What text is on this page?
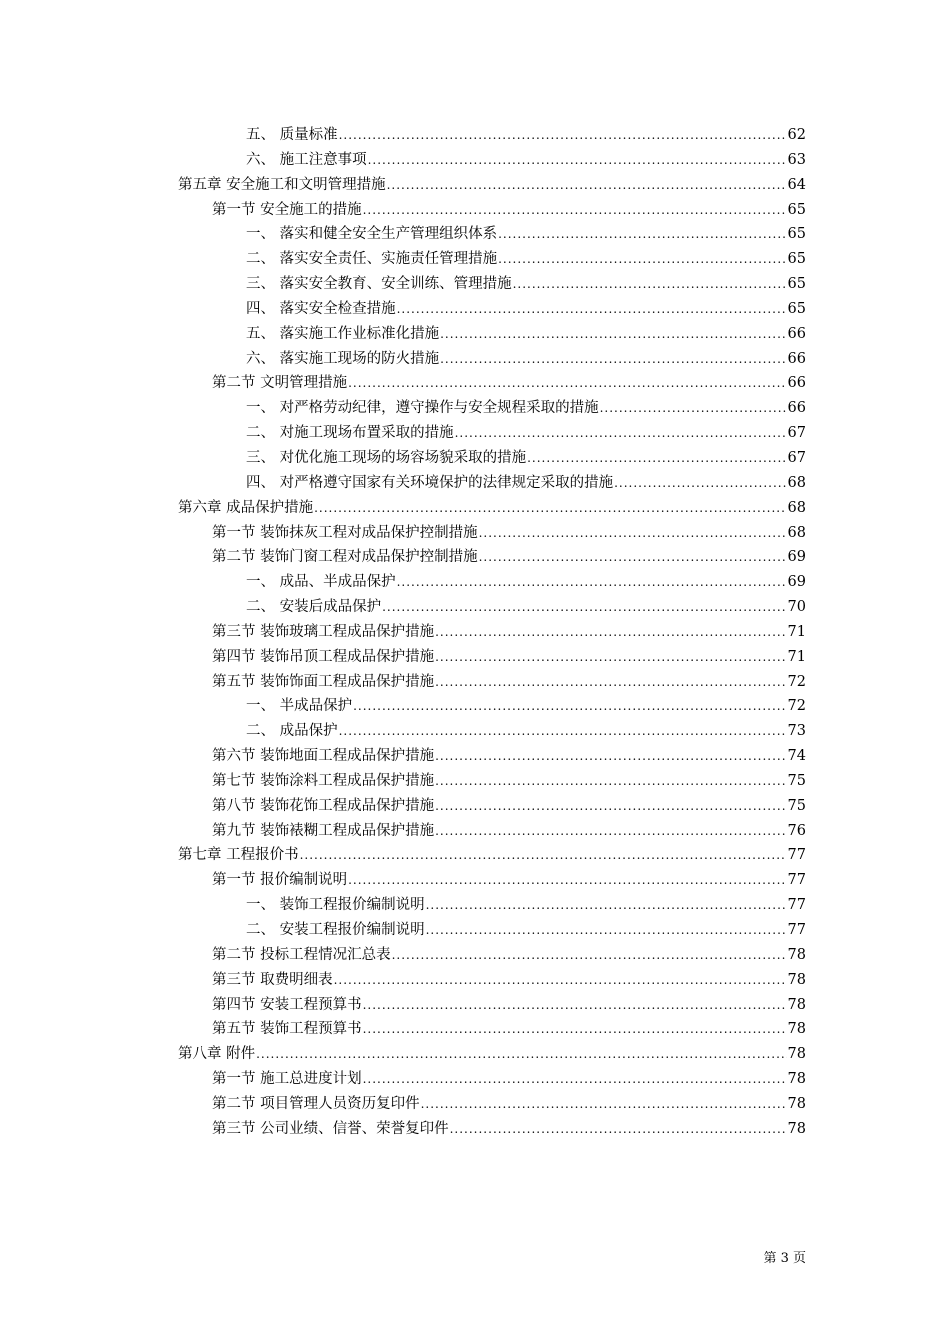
五、 质量标准 .....	62
六、 施工注意事项 .....	63
第五章 安全施工和文明管理措施 .....	64
第一节 安全施工的措施 .....	65
一、 落实和健全安全生产管理组织体系 .....	65
二、 落实安全责任、实施责任管理措施 .....	65
三、 落实安全教育、安全训练、管理措施 .....	65
四、 落实安全检查措施 .....	65
五、 落实施工作业标准化措施 .....	66
六、 落实施工现场的防火措施 .....	66
第二节 文明管理措施 .....	66
一、 对严格劳动纪律，遵守操作与安全规程采取的措施 .....	66
二、 对施工现场布置采取的措施 .....	67
三、 对优化施工现场的场容场貌采取的措施 .....	67
四、 对严格遵守国家有关环境保护的法律规定采取的措施 .....	68
第六章 成品保护措施 .....	68
第一节 装饰抹灰工程对成品保护控制措施 .....	68
第二节 装饰门窗工程对成品保护控制措施 .....	69
一、 成品、半成品保护 .....	69
二、 安装后成品保护 .....	70
第三节 装饰玻璃工程成品保护措施 .....	71
第四节 装饰吊顶工程成品保护措施 .....	71
第五节 装饰饰面工程成品保护措施 .....	72
一、 半成品保护 .....	72
二、 成品保护 .....	73
第六节 装饰地面工程成品保护措施 .....	74
第七节 装饰涂料工程成品保护措施 .....	75
第八节 装饰花饰工程成品保护措施 .....	75
第九节 装饰裱糊工程成品保护措施 .....	76
第七章 工程报价书 .....	77
第一节 报价编制说明 .....	77
一、 装饰工程报价编制说明 .....	77
二、 安装工程报价编制说明 .....	77
第二节 投标工程情况汇总表 .....	78
第三节 取费明细表 .....	78
第四节 安装工程预算书 .....	78
第五节 装饰工程预算书 .....	78
第八章 附件 .....	78
第一节 施工总进度计划 .....	78
第二节 项目管理人员资历复印件 .....	78
第三节 公司业绩、信誉、荣誉复印件 .....	78
第 3 页
